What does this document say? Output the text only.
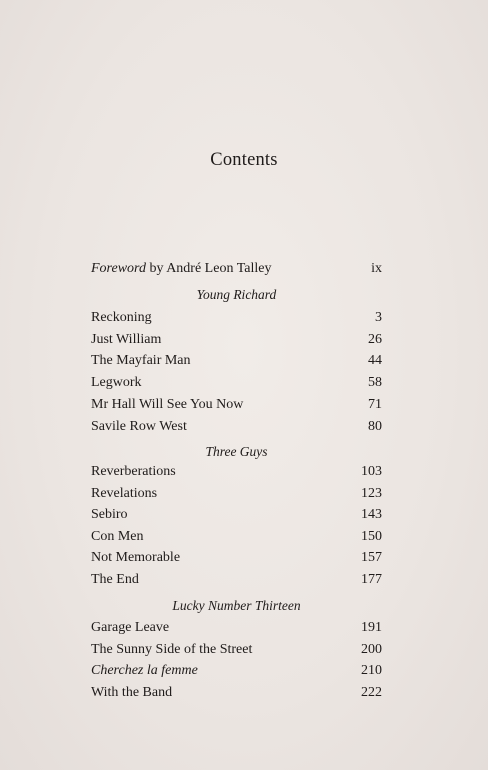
Contents
Foreword by André Leon Talley	ix
Young Richard
Reckoning	3
Just William	26
The Mayfair Man	44
Legwork	58
Mr Hall Will See You Now	71
Savile Row West	80
Three Guys
Reverberations	103
Revelations	123
Sebiro	143
Con Men	150
Not Memorable	157
The End	177
Lucky Number Thirteen
Garage Leave	191
The Sunny Side of the Street	200
Cherchez la femme	210
With the Band	222
